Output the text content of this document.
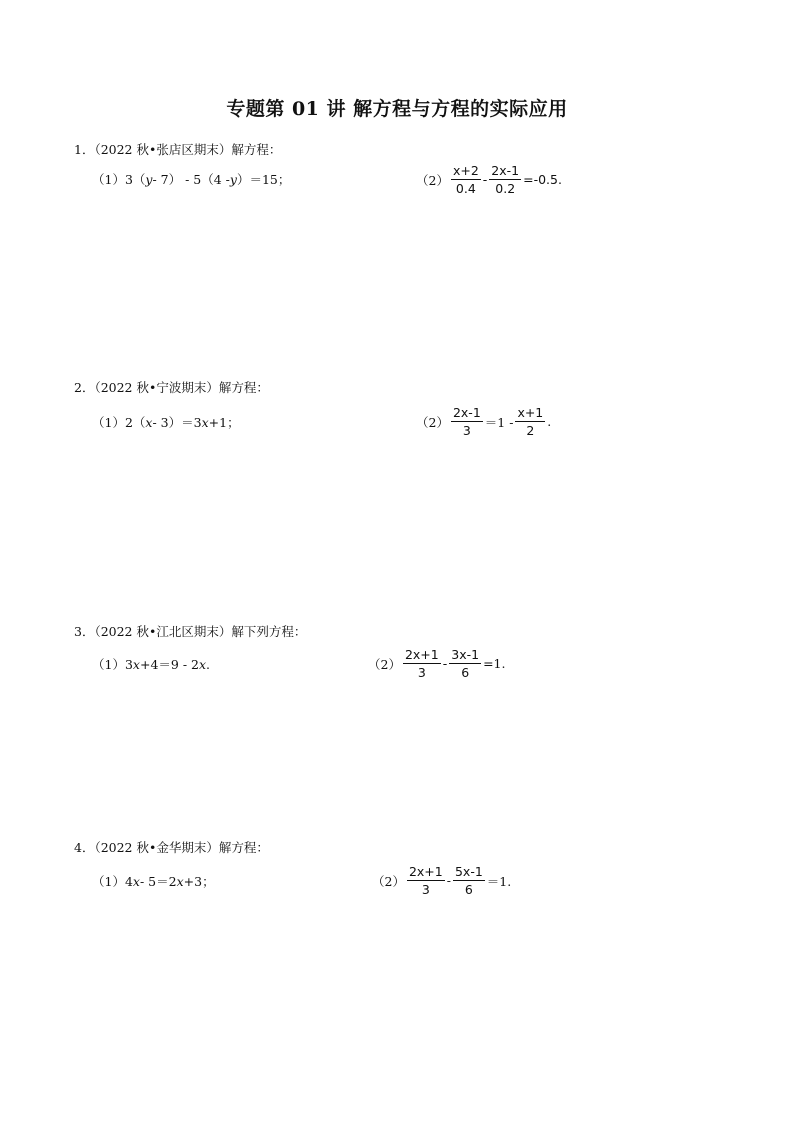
专题第 01 讲 解方程与方程的实际应用
1．（2022 秋•张店区期末）解方程：
（1） 3（ y - 7） - 5（4 - y ）＝15；	$(2) \frac{x+2}{0.4} - \frac{2x-1}{0.2} =-0.5$.
2．（2022 秋•宁波期末）解方程：
（1） 2（ x - 3）＝3 x +1；	$(2) \frac{2x-1}{3} =1 - \frac{x+1}{2}$ .
3．（2022 秋•江北区期末）解下列方程：
（1） 3 x +4＝9 - 2 x .	$(2) \frac{2x+1}{3} - \frac{3x-1}{6} =1$.
4．（2022 秋•金华期末）解方程：
（1） 4 x - 5＝2 x +3；	$(2) \frac{2x+1}{3} - \frac{5x-1}{6} =1$.
